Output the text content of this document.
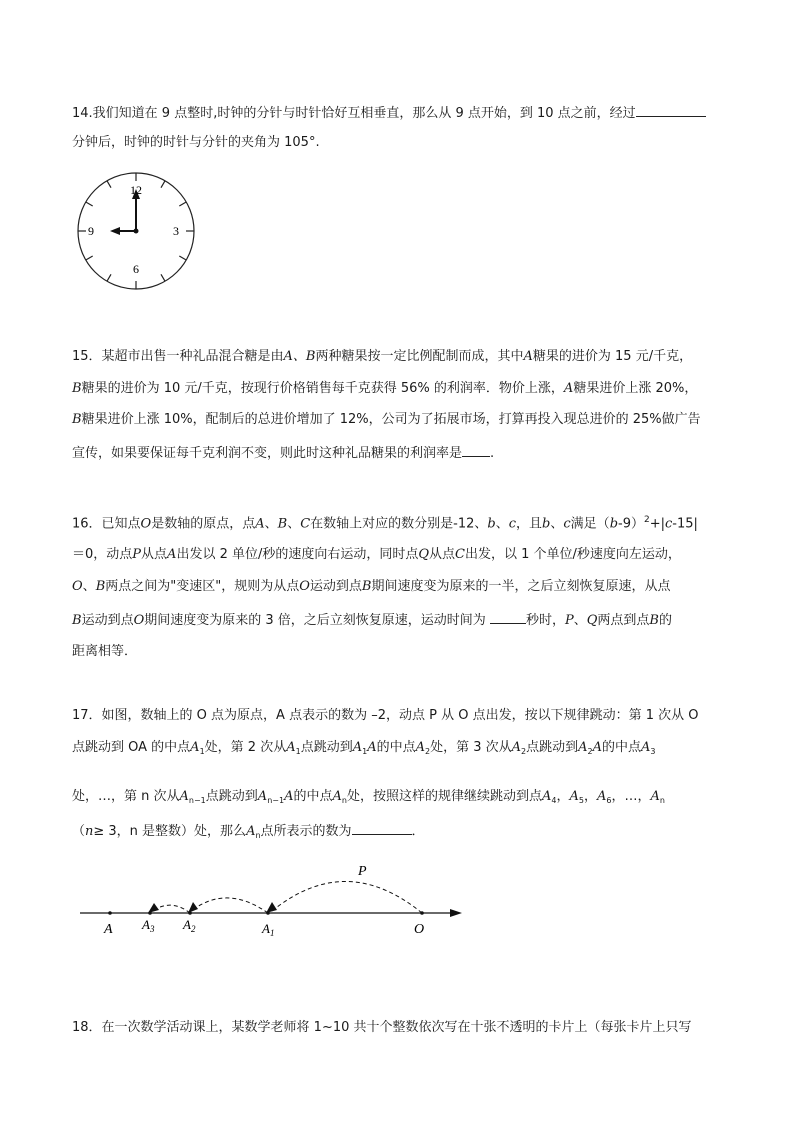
14.我们知道在 9 点整时,时钟的分针与时针恰好互相垂直，那么从 9 点开始，到 10 点之前，经过
分钟后，时钟的时针与分针的夹角为 105°.
12
3
6
9
15．某超市出售一种礼品混合糖是由A、B两种糖果按一定比例配制而成，其中A糖果的进价为 15 元/千克，
B糖果的进价为 10 元/千克，按现行价格销售每千克获得 56% 的利润率．物价上涨，A糖果进价上涨 20%，
B糖果进价上涨 10%，配制后的总进价增加了 12%，公司为了拓展市场，打算再投入现总进价的 25%做广告
宣传，如果要保证每千克利润不变，则此时这种礼品糖果的利润率是 .
16．已知点O是数轴的原点，点A、B、C在数轴上对应的数分别是-12、b、c，且b、c满足$(b-9)^2+|c-15|$
＝0，动点P从点A出发以 2 单位/秒的速度向右运动，同时点Q从点C出发，以 1 个单位/秒速度向左运动，
O、B两点之间为"变速区"，规则为从点O运动到点B期间速度变为原来的一半，之后立刻恢复原速，从点
B运动到点O期间速度变为原来的 3 倍，之后立刻恢复原速，运动时间为	秒时，P、Q两点到点B的
距离相等．
17．如图，数轴上的 O 点为原点，A 点表示的数为 –2，动点 P 从 O 点出发，按以下规律跳动：第 1 次从 O
点跳动到 OA 的中点$A_1$处，第 2 次从$A_1$点跳动到$A_1A$的中点$A_2$处，第 3 次从$A_2$点跳动到$A_2A$的中点$A_3$
处，…，第 n 次从$A_{n-1}$点跳动到$A_{n-1}A$的中点$A_n$处，按照这样的规律继续跳动到点$A_4$，$A_5$，$A_6$，…，$A_n$
（n≥ 3，n 是整数）处，那么$A_n$点所表示的数为	．
P
A $A_3$ $A_2$	$A_1$	O
18．在一次数学活动课上，某数学老师将 1~10 共十个整数依次写在十张不透明的卡片上（每张卡片上只写
